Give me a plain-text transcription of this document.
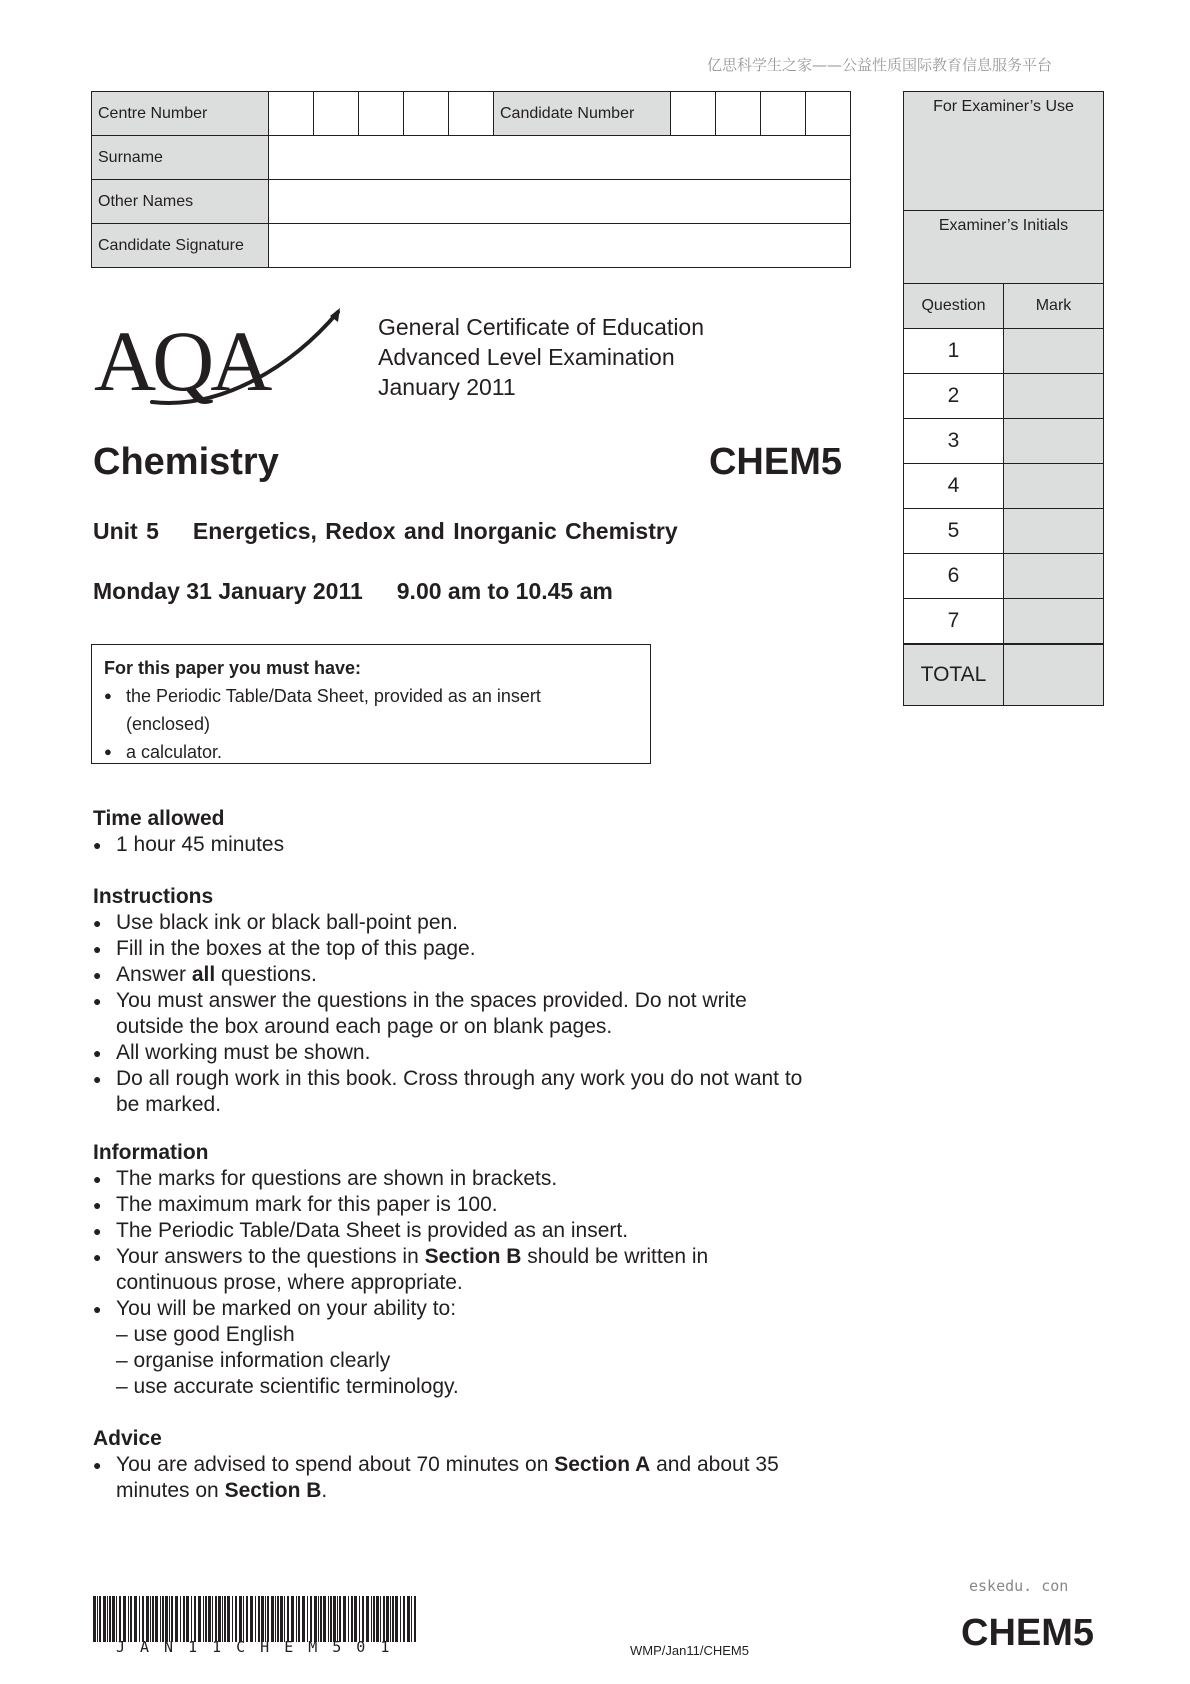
亿思科学生之家——公益性质国际教育信息服务平台
Centre Number						Candidate Number				
Surname										
Other Names										
Candidate Signature										
For Examiner’s Use	
Examiner’s Initials	
Question	Mark
1	
2	
3	
4	
5	
6	
7	
TOTAL	
AQA	General Certificate of Education
Advanced Level Examination
January 2011
Chemistry	CHEM5
Unit 5 Energetics, Redox and Inorganic Chemistry
Monday 31 January 2011 9.00 am to 10.45 am
For this paper you must have:
● the Periodic Table/Data Sheet, provided as an insert
(enclosed)
● a calculator.
Time allowed
● 1 hour 45 minutes
Instructions
● Use black ink or black ball-point pen.
● Fill in the boxes at the top of this page.
● Answer all questions.
● You must answer the questions in the spaces provided. Do not write outside the box around each page or on blank pages.
● All working must be shown.
● Do all rough work in this book. Cross through any work you do not want to be marked.
Information
● The marks for questions are shown in brackets.
● The maximum mark for this paper is 100.
● The Periodic Table/Data Sheet is provided as an insert.
● Your answers to the questions in Section B should be written in continuous prose, where appropriate.
● You will be marked on your ability to:
– use good English
– organise information clearly
– use accurate scientific terminology.
Advice
● You are advised to spend about 70 minutes on Section A and about 35 minutes on Section B.
JAN11CHEM501	WMP/Jan11/CHEM5
eskedu. con
CHEM5
